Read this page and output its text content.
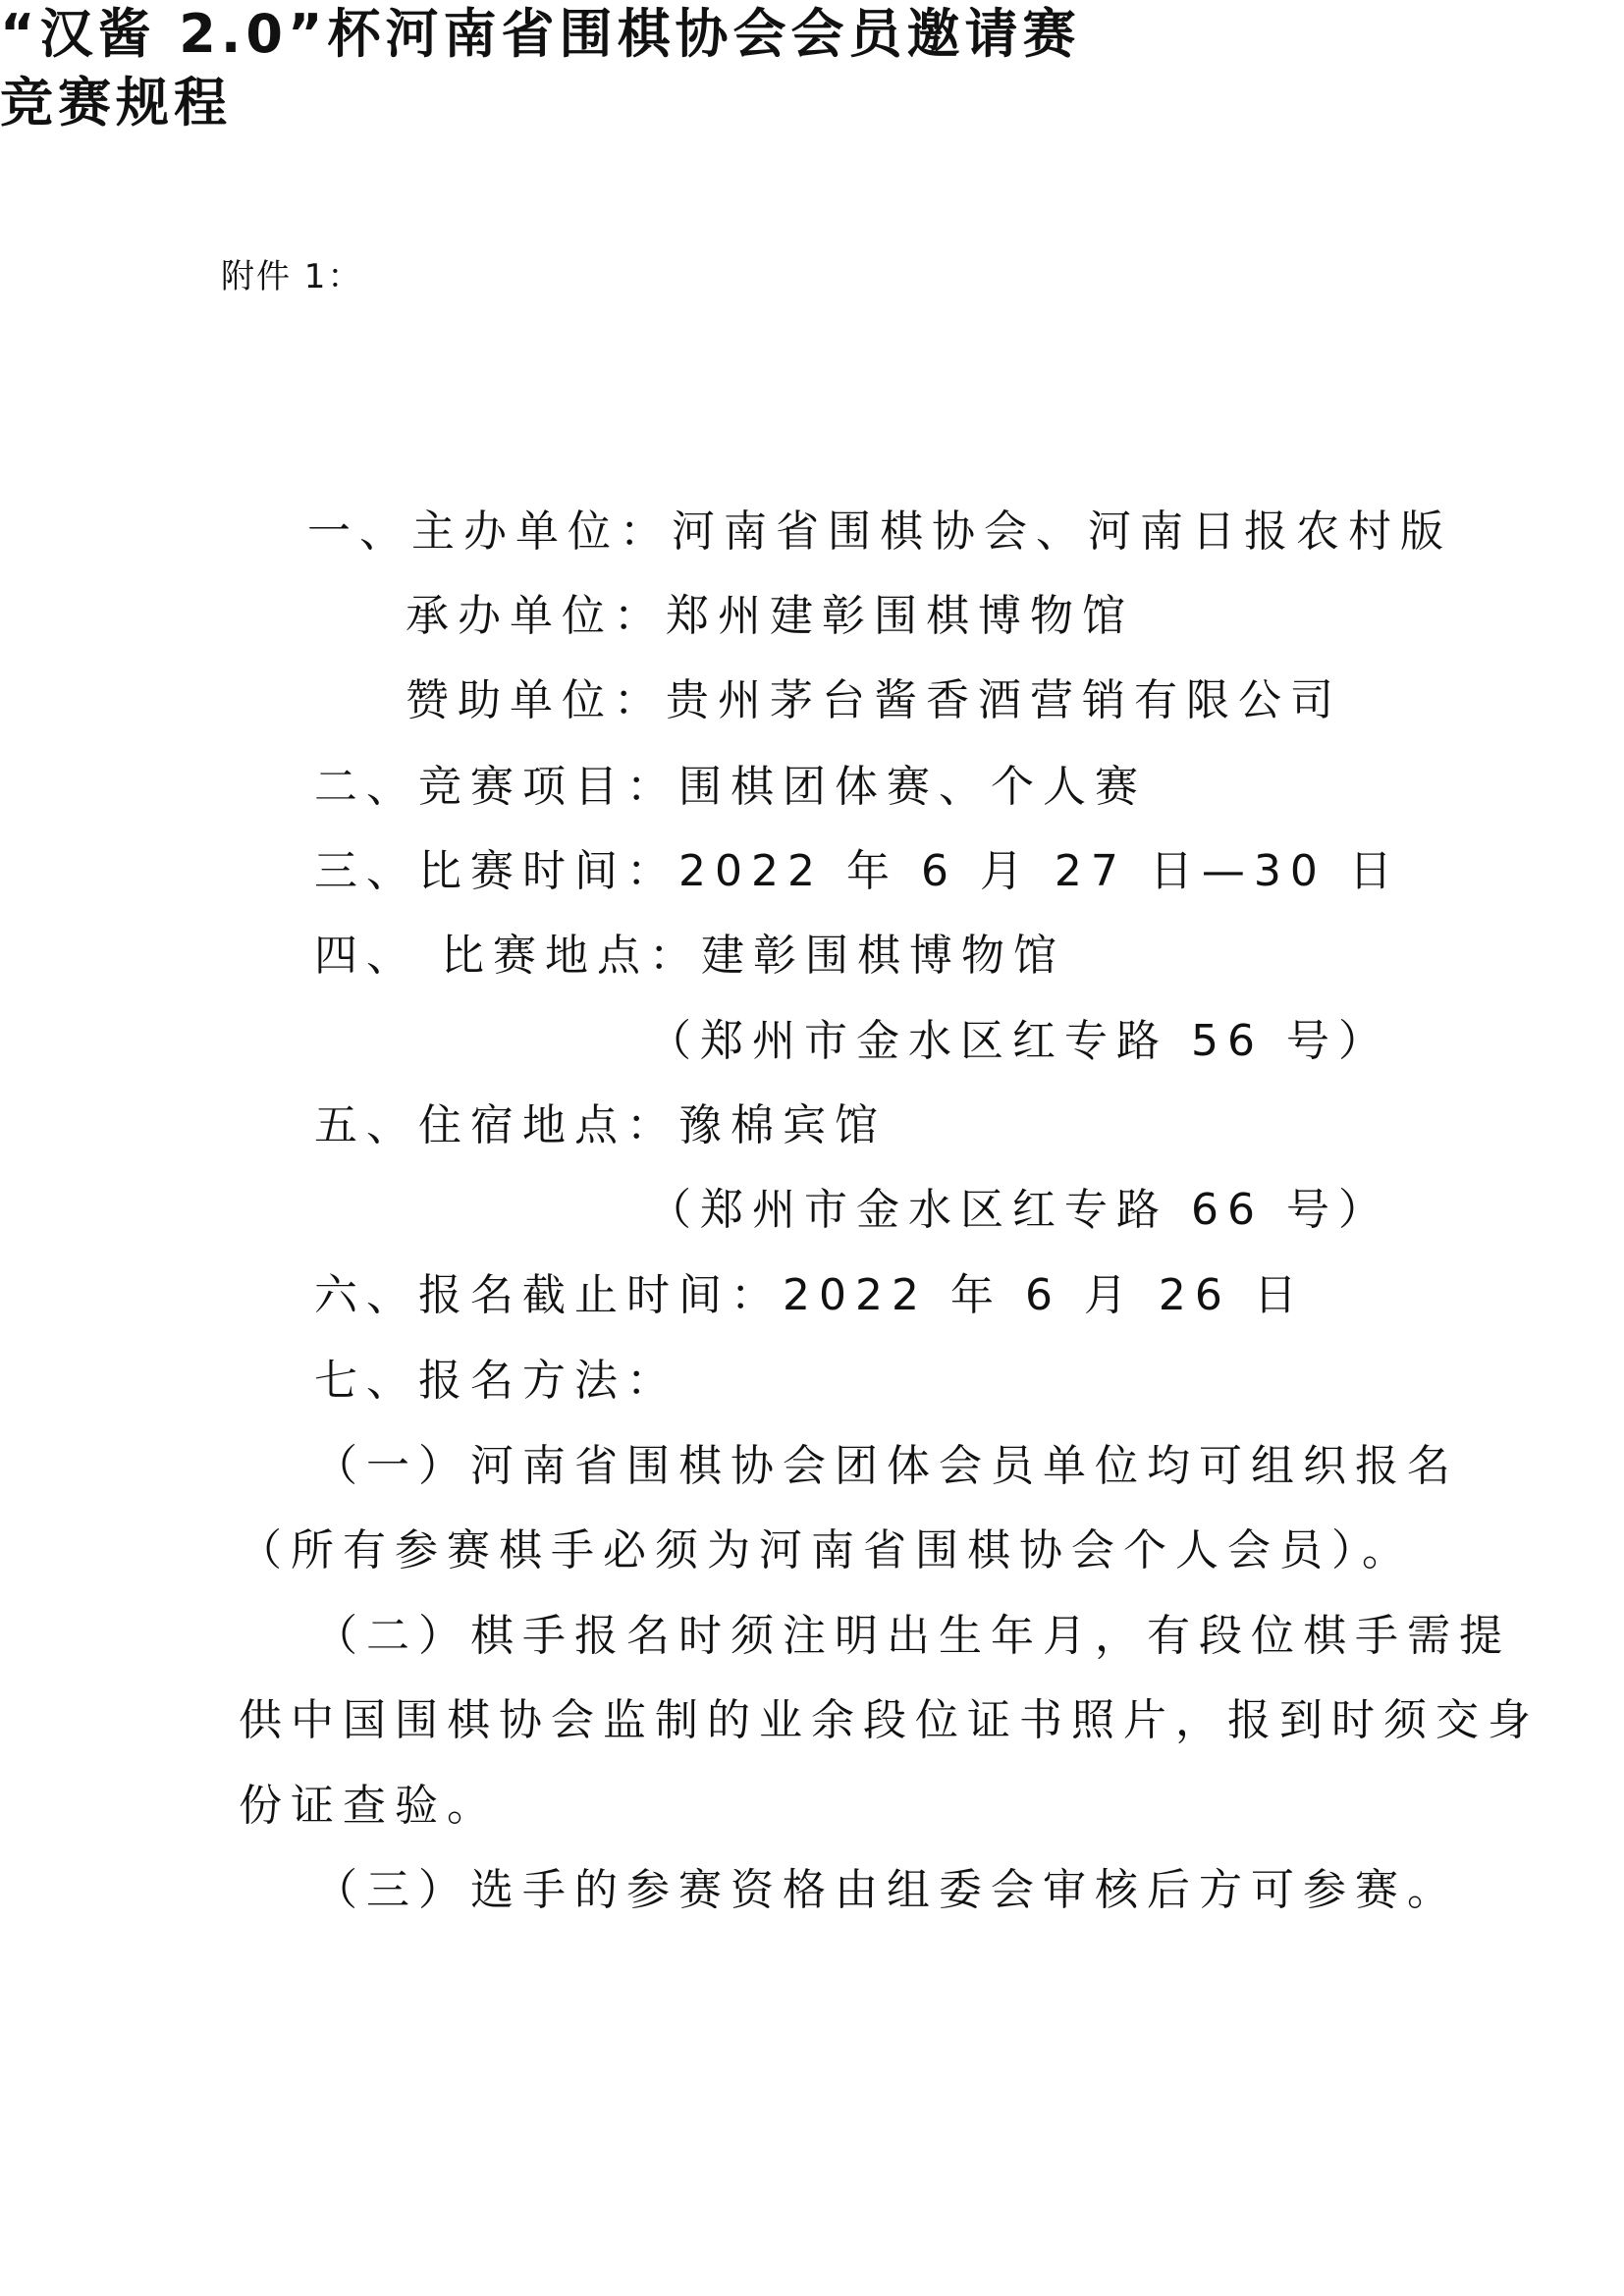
附件 1：
“汉酱 2.0”杯河南省围棋协会会员邀请赛
竞赛规程
一、主办单位：河南省围棋协会、河南日报农村版
承办单位：郑州建彰围棋博物馆
赞助单位：贵州茅台酱香酒营销有限公司
二、竞赛项目：围棋团体赛、个人赛
三、比赛时间：2022 年 6 月 27 日—30 日
四、 比赛地点：建彰围棋博物馆
（郑州市金水区红专路 56 号）
五、住宿地点：豫棉宾馆
（郑州市金水区红专路 66 号）
六、报名截止时间：2022 年 6 月 26 日
七、报名方法：
（一）河南省围棋协会团体会员单位均可组织报名
（所有参赛棋手必须为河南省围棋协会个人会员）。
（二）棋手报名时须注明出生年月，有段位棋手需提
供中国围棋协会监制的业余段位证书照片，报到时须交身
份证查验。
（三）选手的参赛资格由组委会审核后方可参赛。
